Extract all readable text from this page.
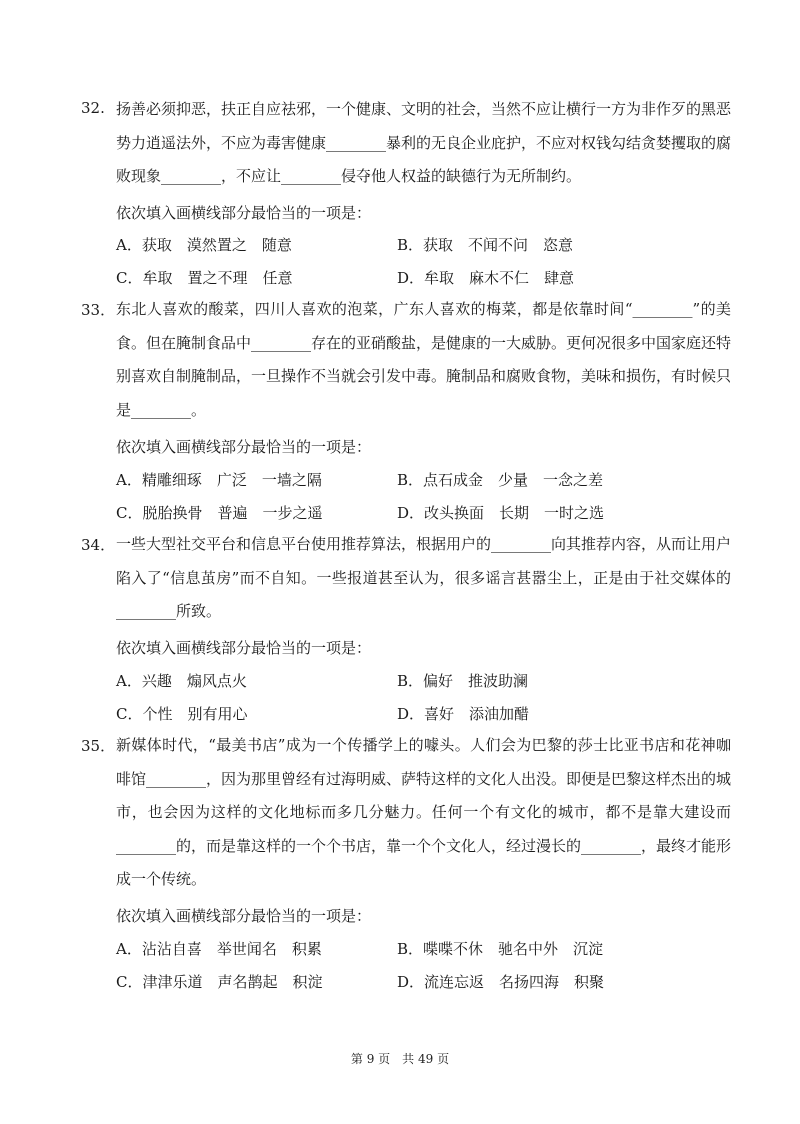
32. 扬善必须抑恶，扶正自应祛邪，一个健康、文明的社会，当然不应让横行一方为非作歹的黑恶势力逍遥法外，不应为毒害健康________暴利的无良企业庇护，不应对权钱勾结贪婪攫取的腐败现象________，不应让________侵夺他人权益的缺德行为无所制约。
依次填入画横线部分最恰当的一项是：
A．获取　漠然置之　随意	B．获取　不闻不问　恣意
C．牟取　置之不理　任意	D．牟取　麻木不仁　肆意
33． 东北人喜欢的酸菜，四川人喜欢的泡菜，广东人喜欢的梅菜，都是依靠时间“________”的美食。但在腌制食品中________存在的亚硝酸盐，是健康的一大威胁。更何况很多中国家庭还特别喜欢自制腌制品，一旦操作不当就会引发中毒。腌制品和腐败食物，美味和损伤，有时候只是________。
依次填入画横线部分最恰当的一项是：
A．精雕细琢　广泛　一墙之隔	B．点石成金　少量　一念之差
C．脱胎换骨　普遍　一步之遥	D．改头换面　长期　一时之选
34． 一些大型社交平台和信息平台使用推荐算法，根据用户的________向其推荐内容，从而让用户陷入了“信息茧房”而不自知。一些报道甚至认为，很多谣言甚嚣尘上，正是由于社交媒体的________所致。
依次填入画横线部分最恰当的一项是：
A．兴趣　煽风点火	B．偏好　推波助澜
C．个性　别有用心	D．喜好　添油加醋
35． 新媒体时代，“最美书店”成为一个传播学上的噱头。人们会为巴黎的莎士比亚书店和花神咖啡馆________，因为那里曾经有过海明威、萨特这样的文化人出没。即便是巴黎这样杰出的城市，也会因为这样的文化地标而多几分魅力。任何一个有文化的城市，都不是靠大建设而________的，而是靠这样的一个个书店，靠一个个文化人，经过漫长的________，最终才能形成一个传统。
依次填入画横线部分最恰当的一项是：
A．沾沾自喜　举世闻名　积累	B．喋喋不休　驰名中外　沉淀
C．津津乐道　声名鹊起　积淀	D．流连忘返　名扬四海　积聚
第 9 页　共 49 页
